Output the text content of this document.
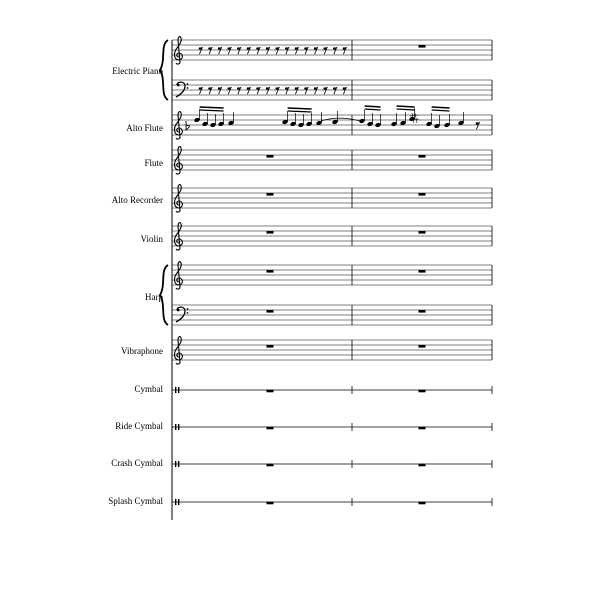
Electric Piano
Alto Flute
Flute
Alto Recorder
Violin
Harp
Vibraphone
Cymbal
Ride Cymbal
Crash Cymbal
Splash Cymbal
